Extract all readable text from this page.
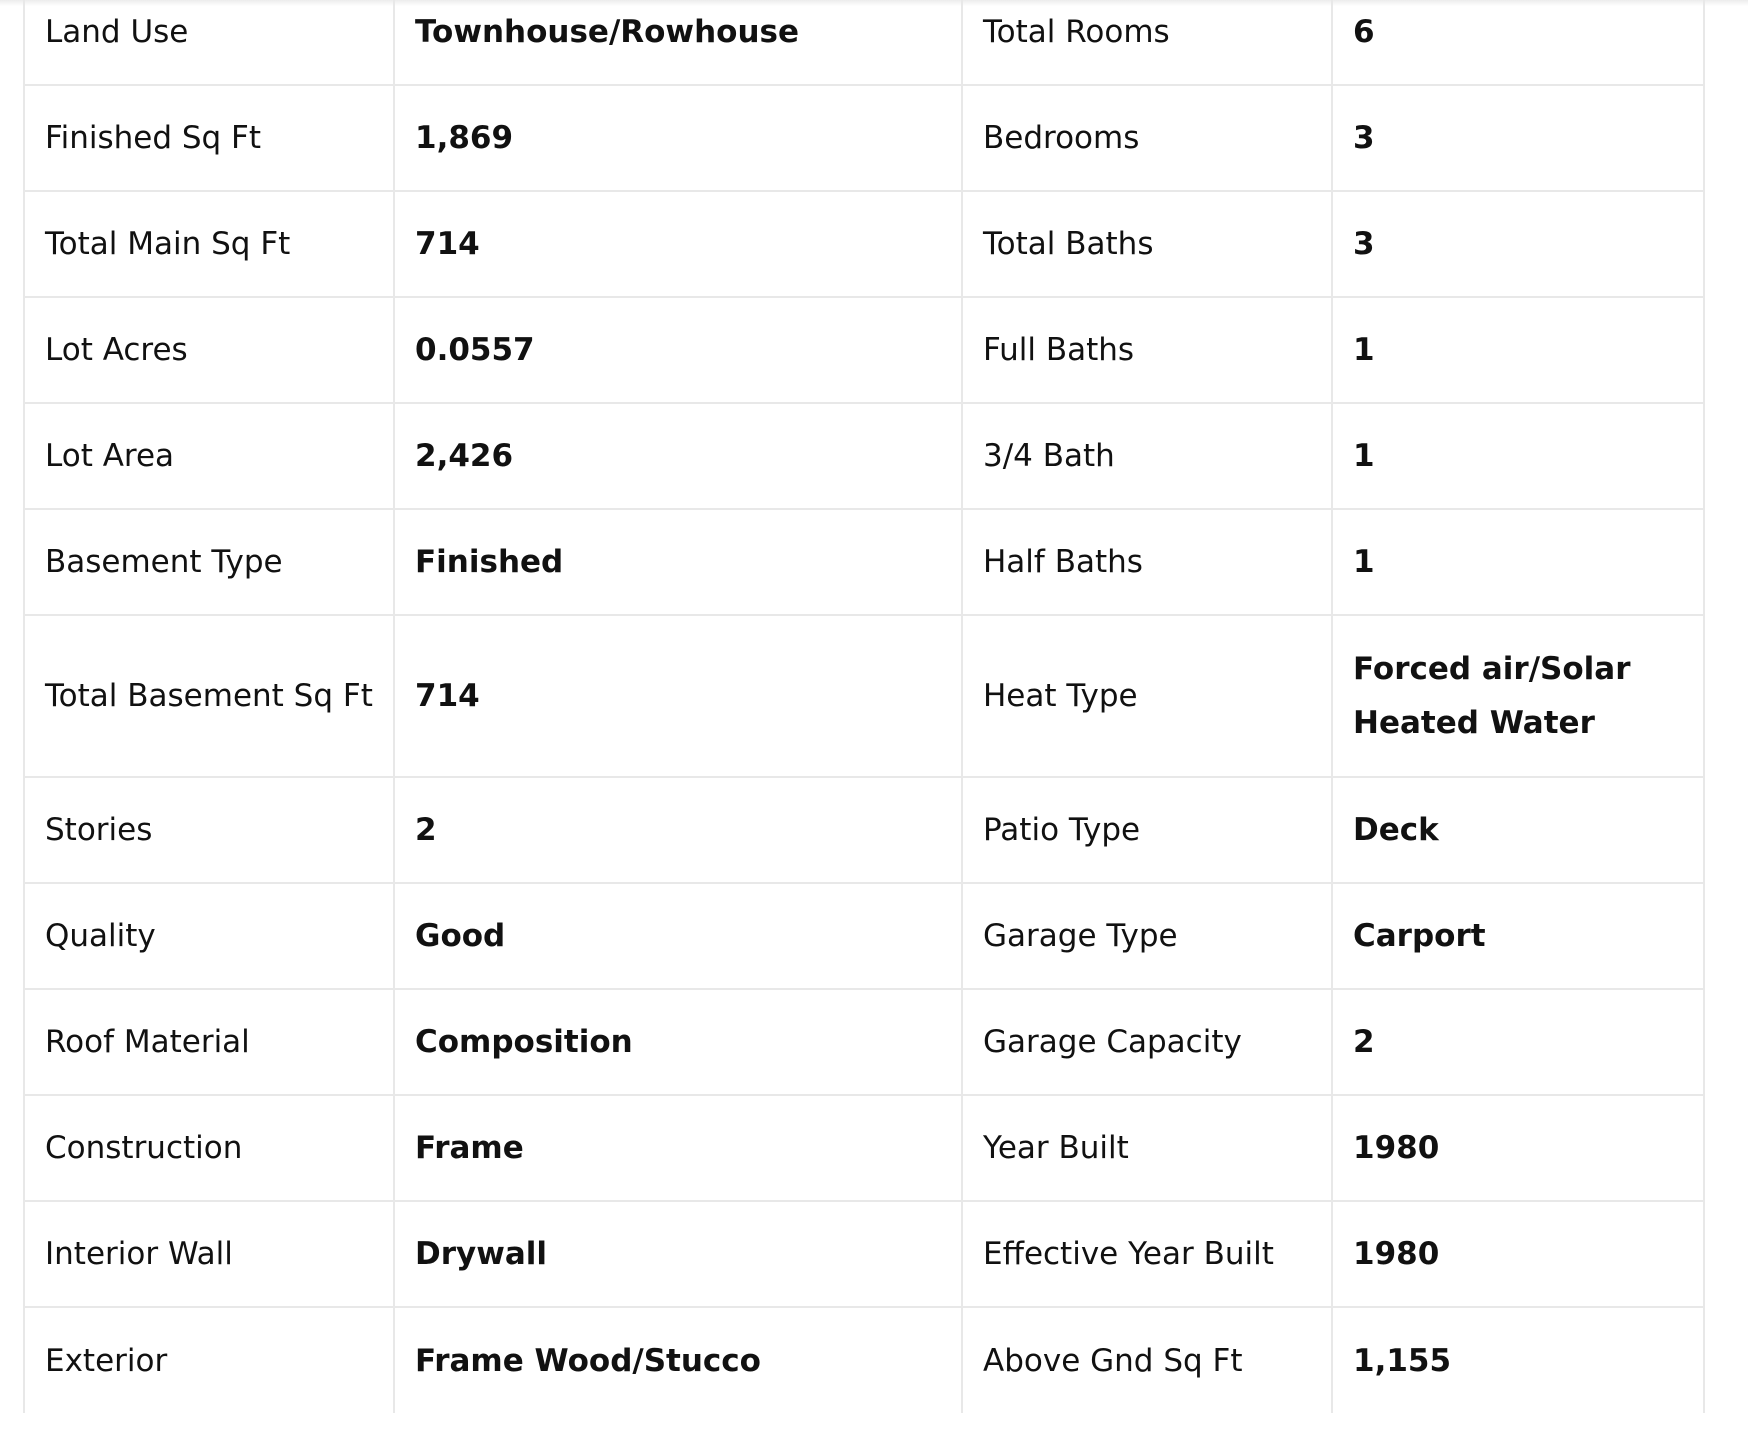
Land Use	Townhouse/Rowhouse	Total Rooms	6
Finished Sq Ft	1,869	Bedrooms	3
Total Main Sq Ft	714	Total Baths	3
Lot Acres	0.0557	Full Baths	1
Lot Area	2,426	3/4 Bath	1
Basement Type	Finished	Half Baths	1
Total Basement Sq Ft	714	Heat Type	Forced air/Solar Heated Water
Stories	2	Patio Type	Deck
Quality	Good	Garage Type	Carport
Roof Material	Composition	Garage Capacity	2
Construction	Frame	Year Built	1980
Interior Wall	Drywall	Effective Year Built	1980
Exterior	Frame Wood/Stucco	Above Gnd Sq Ft	1,155
